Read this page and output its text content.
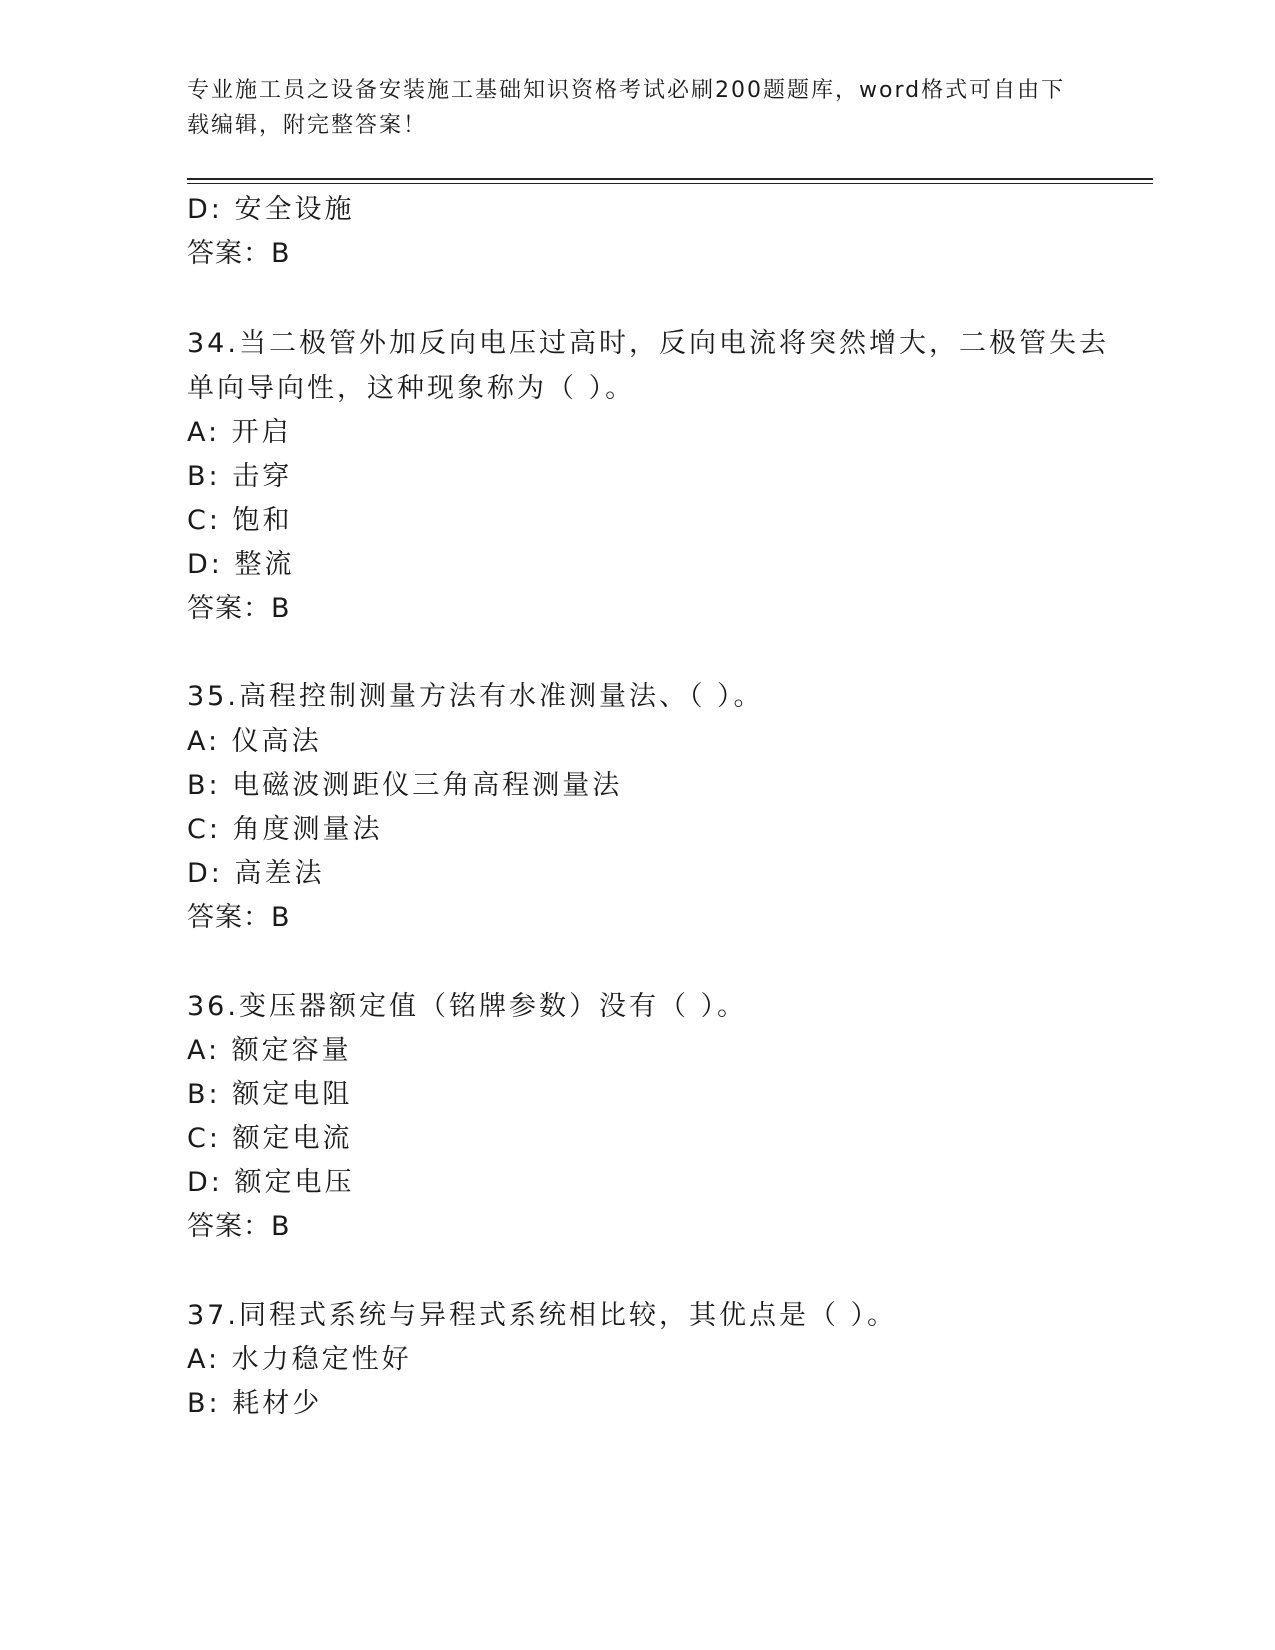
专业施工员之设备安装施工基础知识资格考试必刷200题题库，word格式可自由下载编辑，附完整答案！
D: 安全设施
答案：B
34.当二极管外加反向电压过高时，反向电流将突然增大，二极管失去
单向导向性，这种现象称为（ ）。
A: 开启
B: 击穿
C: 饱和
D: 整流
答案：B
35.高程控制测量方法有水准测量法、（ ）。
A: 仪高法
B: 电磁波测距仪三角高程测量法
C: 角度测量法
D: 高差法
答案：B
36.变压器额定值（铭牌参数）没有（ ）。
A: 额定容量
B: 额定电阻
C: 额定电流
D: 额定电压
答案：B
37.同程式系统与异程式系统相比较，其优点是（ ）。
A: 水力稳定性好
B: 耗材少
